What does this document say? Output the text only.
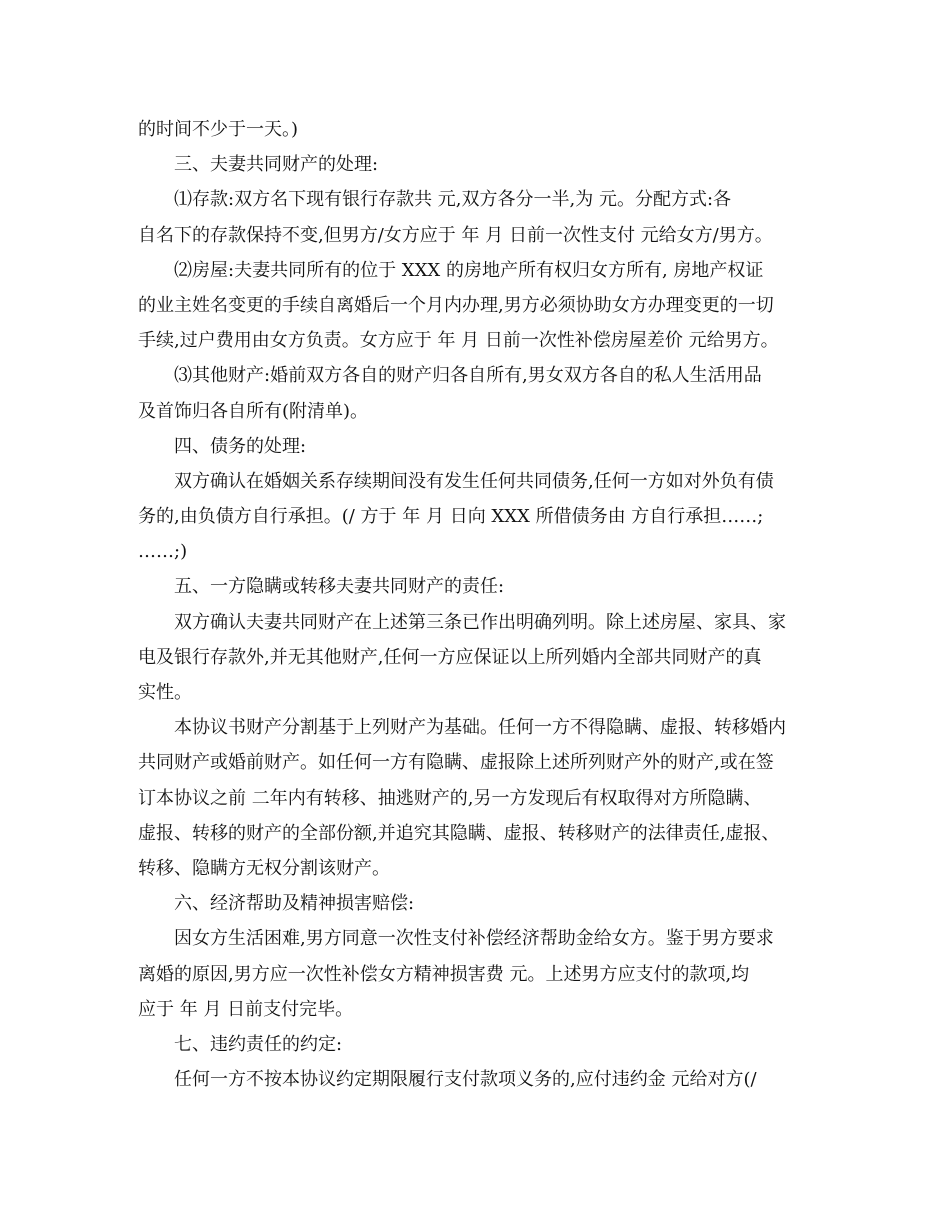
的时间不少于一天。)
三、夫妻共同财产的处理:
⑴存款:双方名下现有银行存款共 元,双方各分一半,为 元。分配方式:各
自名下的存款保持不变,但男方/女方应于 年 月 日前一次性支付 元给女方/男方。
⑵房屋:夫妻共同所有的位于 XXX 的房地产所有权归女方所有, 房地产权证
的业主姓名变更的手续自离婚后一个月内办理,男方必须协助女方办理变更的一切
手续,过户费用由女方负责。女方应于 年 月 日前一次性补偿房屋差价 元给男方。
⑶其他财产:婚前双方各自的财产归各自所有,男女双方各自的私人生活用品
及首饰归各自所有(附清单)。
四、债务的处理:
双方确认在婚姻关系存续期间没有发生任何共同债务,任何一方如对外负有债
务的,由负债方自行承担。(/ 方于 年 月 日向 XXX 所借债务由 方自行承担……;
……;)
五、一方隐瞒或转移夫妻共同财产的责任:
双方确认夫妻共同财产在上述第三条已作出明确列明。除上述房屋、家具、家
电及银行存款外,并无其他财产,任何一方应保证以上所列婚内全部共同财产的真
实性。
本协议书财产分割基于上列财产为基础。任何一方不得隐瞒、虚报、转移婚内
共同财产或婚前财产。如任何一方有隐瞒、虚报除上述所列财产外的财产,或在签
订本协议之前 二年内有转移、抽逃财产的,另一方发现后有权取得对方所隐瞒、
虚报、转移的财产的全部份额,并追究其隐瞒、虚报、转移财产的法律责任,虚报、
转移、隐瞒方无权分割该财产。
六、经济帮助及精神损害赔偿:
因女方生活困难,男方同意一次性支付补偿经济帮助金给女方。鉴于男方要求
离婚的原因,男方应一次性补偿女方精神损害费 元。上述男方应支付的款项,均
应于 年 月 日前支付完毕。
七、违约责任的约定:
任何一方不按本协议约定期限履行支付款项义务的,应付违约金 元给对方(/
